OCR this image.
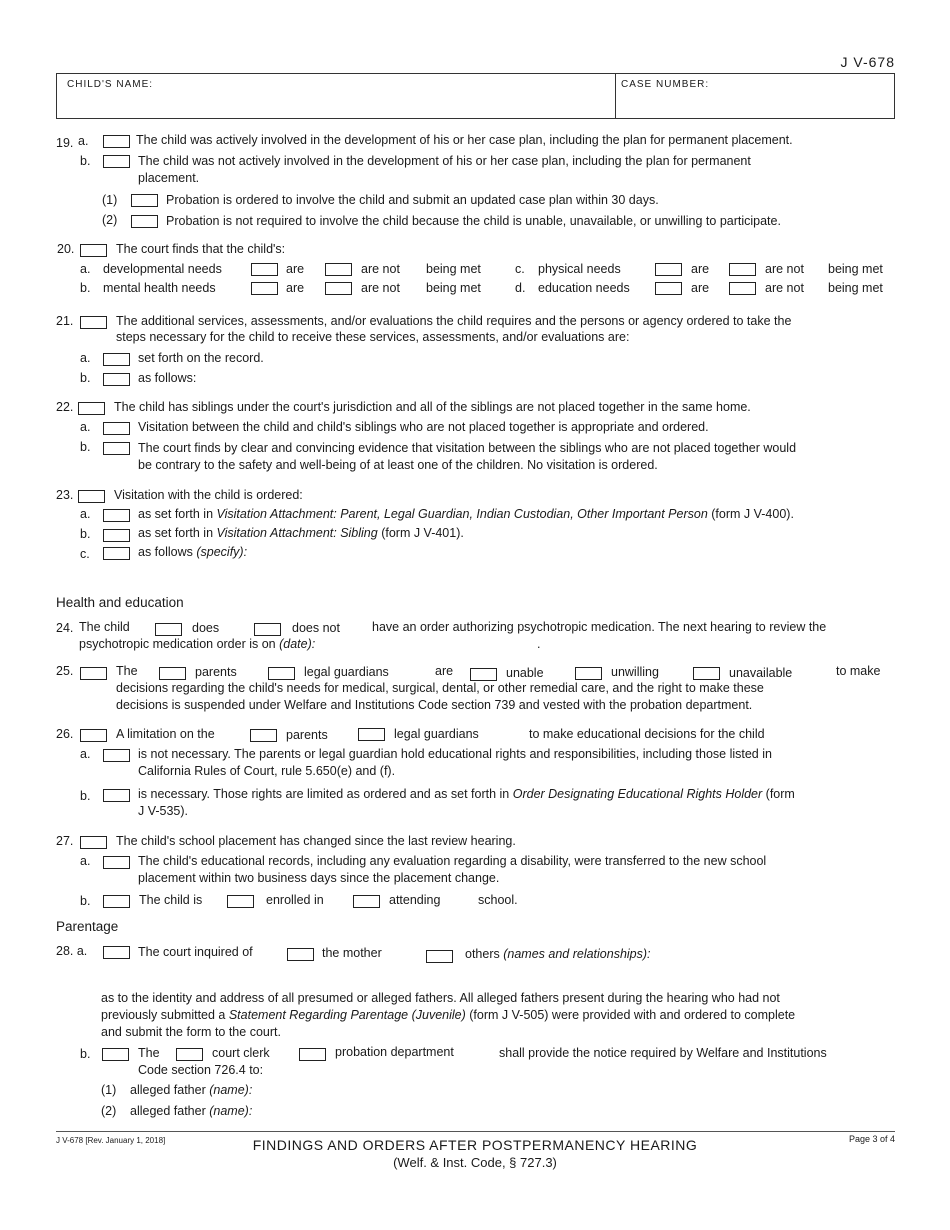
J V-678
CHILD'S NAME:	CASE NUMBER:
19. a.	The child was actively involved in the development of his or her case plan, including the plan for permanent placement.
b.	The child was not actively involved in the development of his or her case plan, including the plan for permanent
placement.
(1)	Probation is ordered to involve the child and submit an updated case plan within 30 days.
(2)	Probation is not required to involve the child because the child is unable, unavailable, or unwilling to participate.
20.	The court finds that the child's:
a. developmental needs	are	are not being met	c. physical needs	are	are not being met
b. mental health needs	are	are not being met	d. education needs	are	are not being met
21.	The additional services, assessments, and/or evaluations the child requires and the persons or agency ordered to take the
steps necessary for the child to receive these services, assessments, and/or evaluations are:
a.	set forth on the record.
b.	as follows:
22.	The child has siblings under the court's jurisdiction and all of the siblings are not placed together in the same home.
a.	Visitation between the child and child's siblings who are not placed together is appropriate and ordered.
b.	The court finds by clear and convincing evidence that visitation between the siblings who are not placed together would
be contrary to the safety and well-being of at least one of the children. No visitation is ordered.
23.	Visitation with the child is ordered:
a.	as set forth in Visitation Attachment: Parent, Legal Guardian, Indian Custodian, Other Important Person (form J V-400).
b.	as set forth in Visitation Attachment: Sibling (form J V-401).
c.	as follows (specify):
Health and education
24. The child	does	does not	have an order authorizing psychotropic medication. The next hearing to review the
psychotropic medication order is on (date):	.
25.	The	parents	legal guardians	are	unable	unwilling	unavailable	to make
decisions regarding the child's needs for medical, surgical, dental, or other remedial care, and the right to make these
decisions is suspended under Welfare and Institutions Code section 739 and vested with the probation department.
26.	A limitation on the	parents	legal guardians	to make educational decisions for the child
a.	is not necessary. The parents or legal guardian hold educational rights and responsibilities, including those listed in
California Rules of Court, rule 5.650(e) and (f).
b.	is necessary. Those rights are limited as ordered and as set forth in Order Designating Educational Rights Holder (form
J V-535).
27.	The child's school placement has changed since the last review hearing.
a.	The child's educational records, including any evaluation regarding a disability, were transferred to the new school
placement within two business days since the placement change.
b.	The child is	enrolled in	attending	school.
Parentage
28. a.	The court inquired of	the mother	others (names and relationships):
as to the identity and address of all presumed or alleged fathers. All alleged fathers present during the hearing who had not
previously submitted a Statement Regarding Parentage (Juvenile) (form J V-505) were provided with and ordered to complete
and submit the form to the court.
b.	The	court clerk	probation department	shall provide the notice required by Welfare and Institutions
Code section 726.4 to:
(1) alleged father (name):
(2) alleged father (name):
J V-678 [Rev. January 1, 2018]	Page 3 of 4
FINDINGS AND ORDERS AFTER POSTPERMANENCY HEARING
(Welf. & Inst. Code, § 727.3)
